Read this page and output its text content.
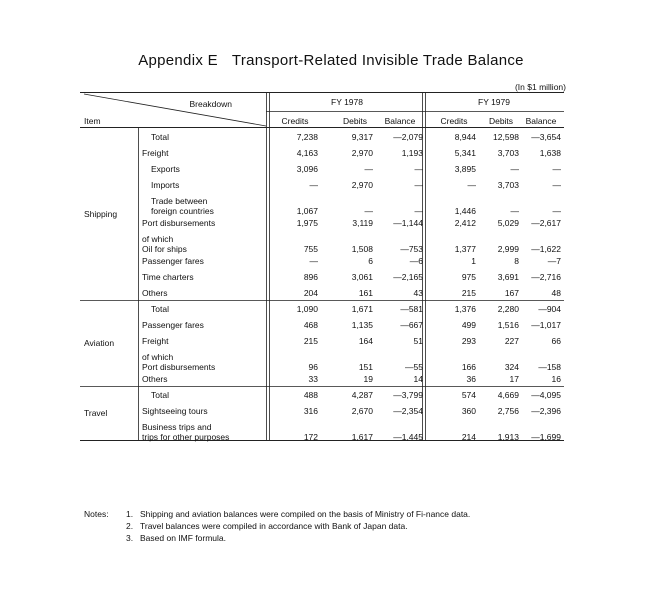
Appendix E Transport-Related Invisible Trade Balance
(In $1 million)
Breakdown
Item
FY 1978	FY 1979
Credits	Debits	Balance	Credits	Debits	Balance
Total	7,238	9,317	—2,079	8,944	12,598	—3,654
Freight	4,163	2,970	1,193	5,341	3,703	1,638
Exports	3,096	—	—	3,895	—	—
Imports	—	2,970	—	—	3,703	—
Trade between
foreign countries	1,067	—	—	1,446	—	—
Port disbursements	1,975	3,119	—1,144	2,412	5,029	—2,617
of which
Oil for ships	755	1,508	—753	1,377	2,999	—1,622
Passenger fares	—	6	—6	1	8	—7
Time charters	896	3,061	—2,165	975	3,691	—2,716
Others	204	161	43	215	167	48
Shipping
Total	1,090	1,671	—581	1,376	2,280	—904
Passenger fares	468	1,135	—667	499	1,516	—1,017
Freight	215	164	51	293	227	66
of which
Port disbursements	96	151	—55	166	324	—158
Others	33	19	14	36	17	16
Aviation
Total	488	4,287	—3,799	574	4,669	—4,095
Sightseeing tours	316	2,670	—2,354	360	2,756	—2,396
Business trips and
trips for other purposes	172	1,617	—1,445	214	1,913	—1,699
Travel
Notes:	1. Shipping and aviation balances were compiled on the basis of Ministry of Fi-nance data.
2. Travel balances were compiled in accordance with Bank of Japan data.
3. Based on IMF formula.
